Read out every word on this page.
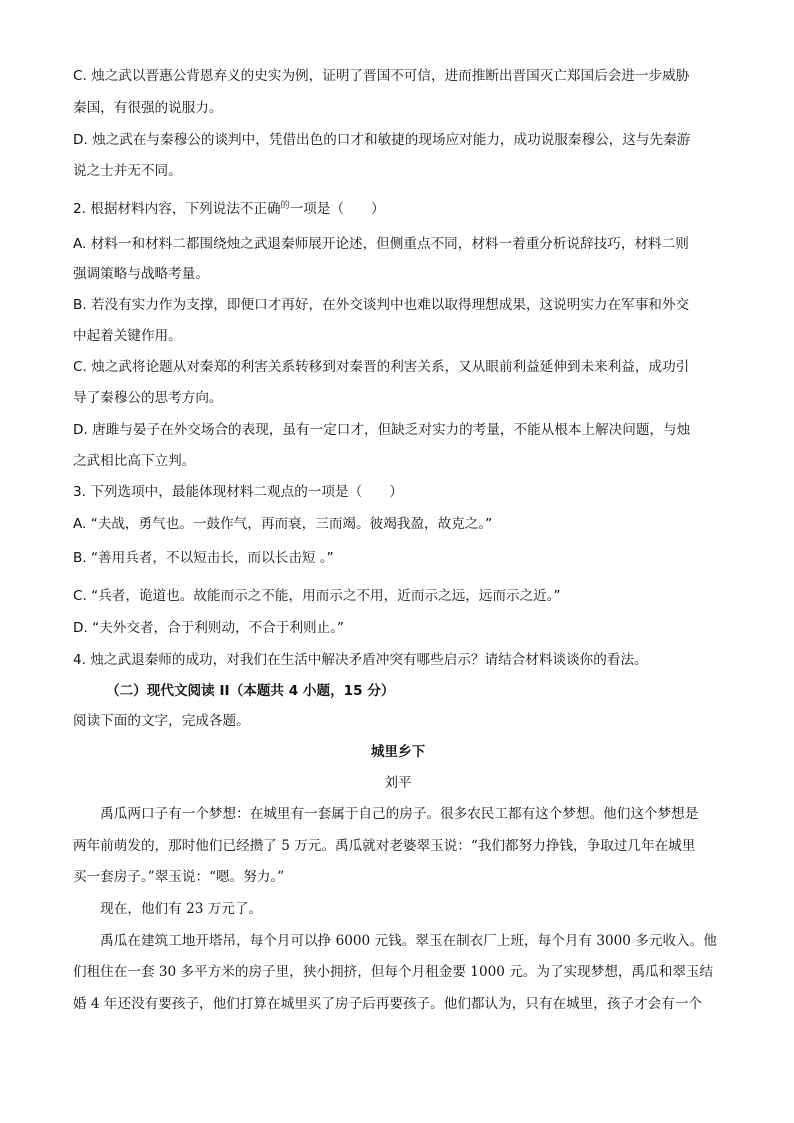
C. 烛之武以晋惠公背恩弃义的史实为例，证明了晋国不可信，进而推断出晋国灭亡郑国后会进一步威胁
秦国，有很强的说服力。
D. 烛之武在与秦穆公的谈判中，凭借出色的口才和敏捷的现场应对能力，成功说服秦穆公，这与先秦游
说之士并无不同。
2. 根据材料内容，下列说法不正确$^的$一项是（　　）
A. 材料一和材料二都围绕烛之武退秦师展开论述，但侧重点不同，材料一着重分析说辞技巧，材料二则
强调策略与战略考量。
B. 若没有实力作为支撑，即便口才再好，在外交谈判中也难以取得理想成果，这说明实力在军事和外交
中起着关键作用。
C. 烛之武将论题从对秦郑的利害关系转移到对秦晋的利害关系，又从眼前利益延伸到未来利益，成功引
导了秦穆公的思考方向。
D. 唐雎与晏子在外交场合的表现，虽有一定口才，但缺乏对实力的考量，不能从根本上解决问题，与烛
之武相比高下立判。
3. 下列选项中，最能体现材料二观点的一项是（　　）
A. “夫战，勇气也。一鼓作气，再而衰，三而竭。彼竭我盈，故克之。”
B. “善用兵者，不以短击长，而以长击短 。”
C. “兵者，诡道也。故能而示之不能，用而示之不用，近而示之远，远而示之近。”
D. “夫外交者，合于利则动，不合于利则止。”
4. 烛之武退秦师的成功，对我们在生活中解决矛盾冲突有哪些启示？请结合材料谈谈你的看法。
（二）现代文阅读 II（本题共 4 小题，15 分）
阅读下面的文字，完成各题。
城里乡下
刘平
　　禹瓜两口子有一个梦想：在城里有一套属于自己的房子。很多农民工都有这个梦想。他们这个梦想是
两年前萌发的，那时他们已经攒了 5 万元。禹瓜就对老婆翠玉说：“我们都努力挣钱，争取过几年在城里
买一套房子。”翠玉说：“嗯。努力。”
　　现在，他们有 23 万元了。
　　禹瓜在建筑工地开塔吊，每个月可以挣 6000 元钱。翠玉在制衣厂上班，每个月有 3000 多元收入。他
们租住在一套 30 多平方米的房子里，狭小拥挤，但每个月租金要 1000 元。为了实现梦想，禹瓜和翠玉结
婚 4 年还没有要孩子，他们打算在城里买了房子后再要孩子。他们都认为，只有在城里，孩子才会有一个
